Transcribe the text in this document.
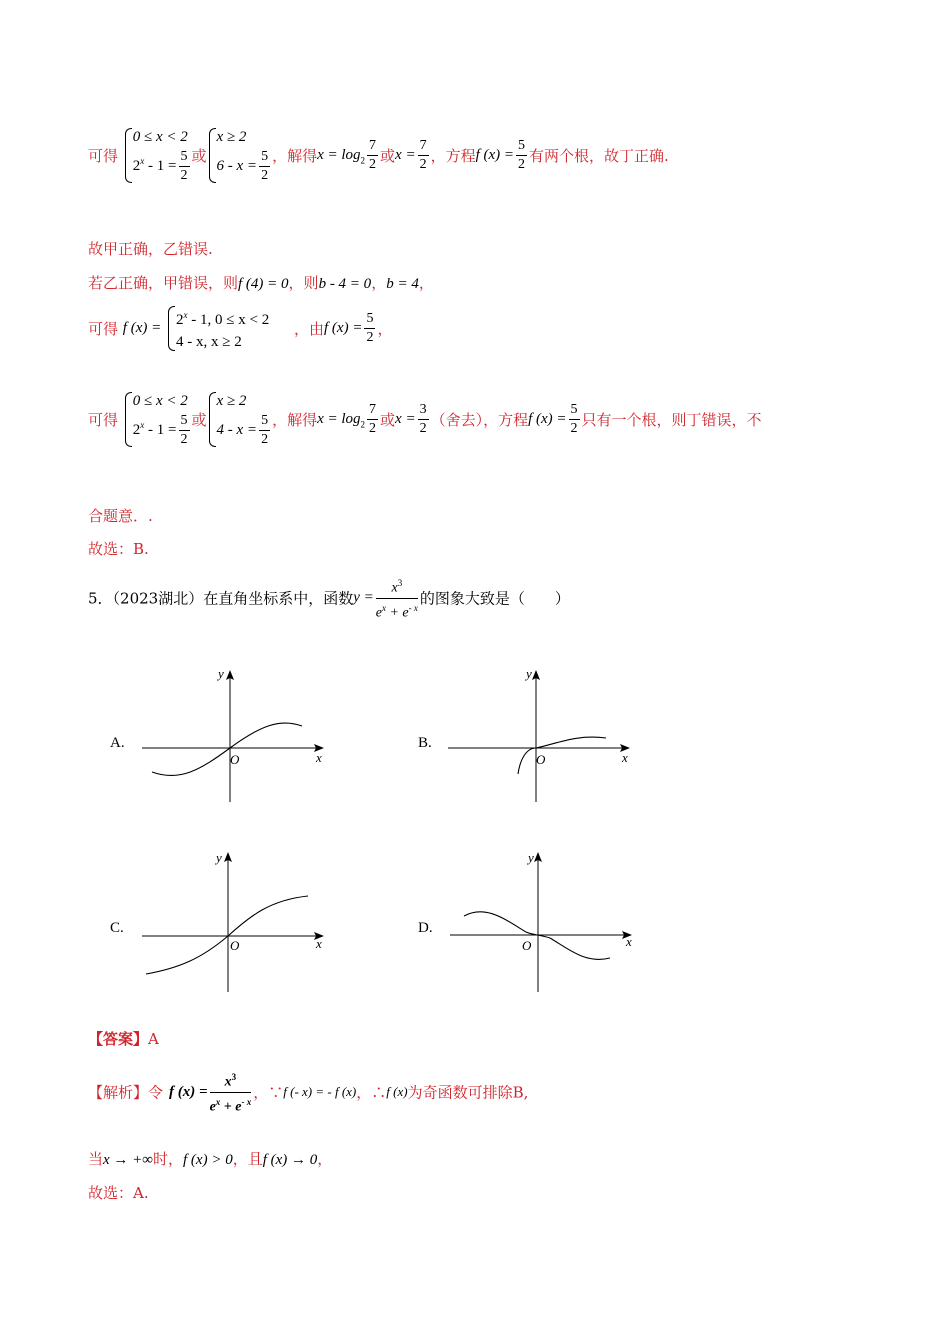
可得
0 ≤ x < 2
$2^x - 1 = \frac{5}{2}$ 或
x ≥ 2
$6 - x = \frac{5}{2}$ ，解得$x = \log_2 \frac{7}{2}$ 或$x = \frac{7}{2}$ ，方程f $(x) = \frac{5}{2}$ 有两个根，故丁正确.
故甲正确，乙错误.
若乙正确，甲错误，则f (4) = 0，则b - 4 = 0，b = 4，
可得 f $(x) = 2^x - 1$, 0 ≤ x < 2
4 - x, x ≥ 2
，由f $(x) = \frac{5}{2}$ ，
可得
0 ≤ x < 2
$2^x - 1 = \frac{5}{2}$ 或
x ≥ 2
$4 - x = \frac{5}{2}$ ，解得$x = \log_2 \frac{7}{2}$ 或$x = \frac{3}{2}$ （舍去），方程f $(x) = \frac{5}{2}$ 只有一个根，则丁错误，不
合题意．.
故选：B.
5．（2023湖北）在直角坐标系中，函数$y = \frac{x^3}{e^x + e^{- x}}$ 的图象大致是（　　）
A.	B.
C.	D.
y
x
O
y
x
O
y
x
O
y
x
O
【答案】A
【解析】令 f $(x) = \frac{x^3}{e^x + e^{- x}}$ ，∵f (- x) = - f (x)，∴f (x)为奇函数可排除B,
当x → +∞时，f (x) > 0，且f (x) → 0，
故选：A.
